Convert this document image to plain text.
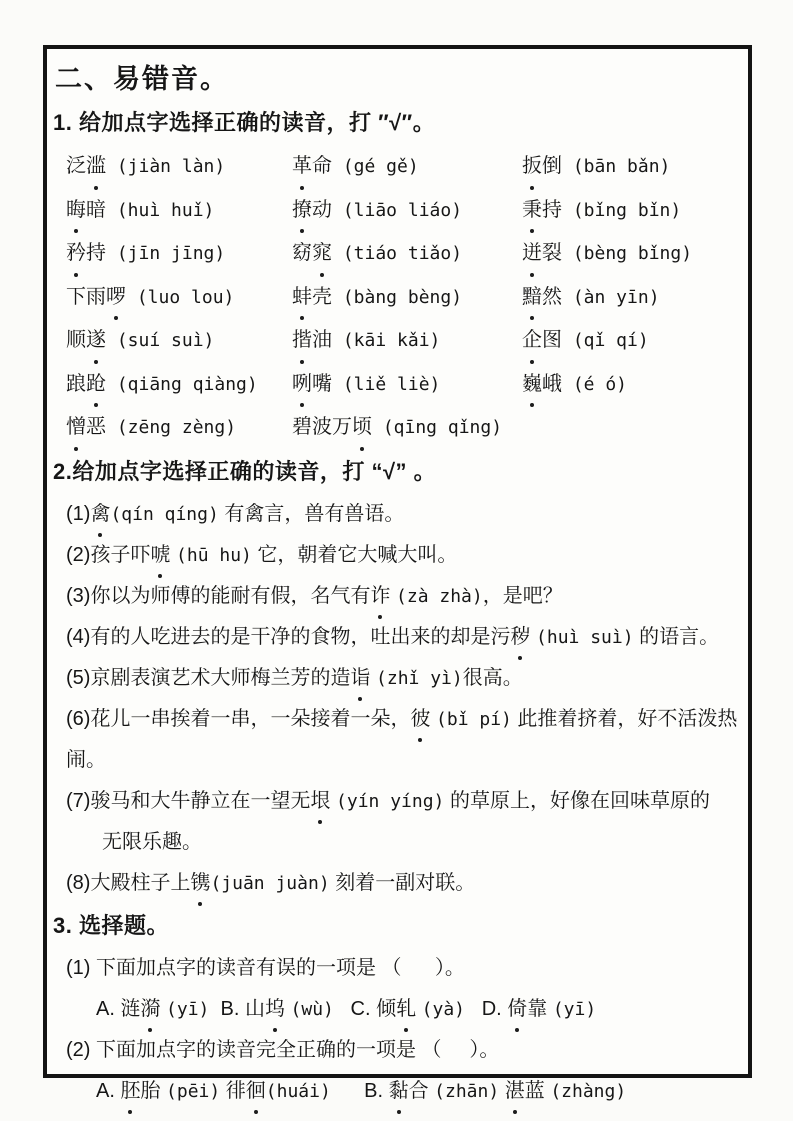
二、易错音。
1. 给加点字选择正确的读音，打 ″√″。
泛滥 (jiàn làn)	革命 (gé gě)	扳倒 (bān bǎn)
晦暗 (huì huǐ)	撩动 (liāo liáo)	秉持 (bǐng bǐn)
矜持 (jīn jīng)	窈窕 (tiáo tiǎo)	迸裂 (bèng bǐng)
下雨啰 (luo lou)	蚌壳 (bàng bèng)	黯然 (àn yīn)
顺遂 (suí suì)	揩油 (kāi kǎi)	企图 (qǐ qí)
踉跄 (qiāng qiàng)	咧嘴 (liě liè)	巍峨 (é ó)
憎恶 (zēng zèng)	碧波万顷 (qīng qǐng)
2.给加点字选择正确的读音，打 “√” 。
(1)禽(qín qíng) 有禽言，兽有兽语。
(2)孩子吓唬 (hū hu) 它，朝着它大喊大叫。
(3)你以为师傅的能耐有假，名气有诈 (zà zhà)，是吧？
(4)有的人吃进去的是干净的食物，吐出来的却是污秽 (huì suì) 的语言。
(5)京剧表演艺术大师梅兰芳的造诣 (zhǐ yì)很高。
(6)花儿一串挨着一串，一朵接着一朵，彼 (bǐ pí) 此推着挤着，好不活泼热闹。
(7)骏马和大牛静立在一望无垠 (yín yíng) 的草原上，好像在回味草原的
无限乐趣。
(8)大殿柱子上镌(juān juàn) 刻着一副对联。
3. 选择题。
(1) 下面加点字的读音有误的一项是 （      ）。
A. 涟漪 (yī)  B. 山坞 (wù)   C. 倾轧 (yà)   D. 倚靠 (yī)
(2) 下面加点字的读音完全正确的一项是 （     ）。
A. 胚胎 (pēi) 徘徊(huái)      B. 黏合 (zhān) 湛蓝 (zhàng)
